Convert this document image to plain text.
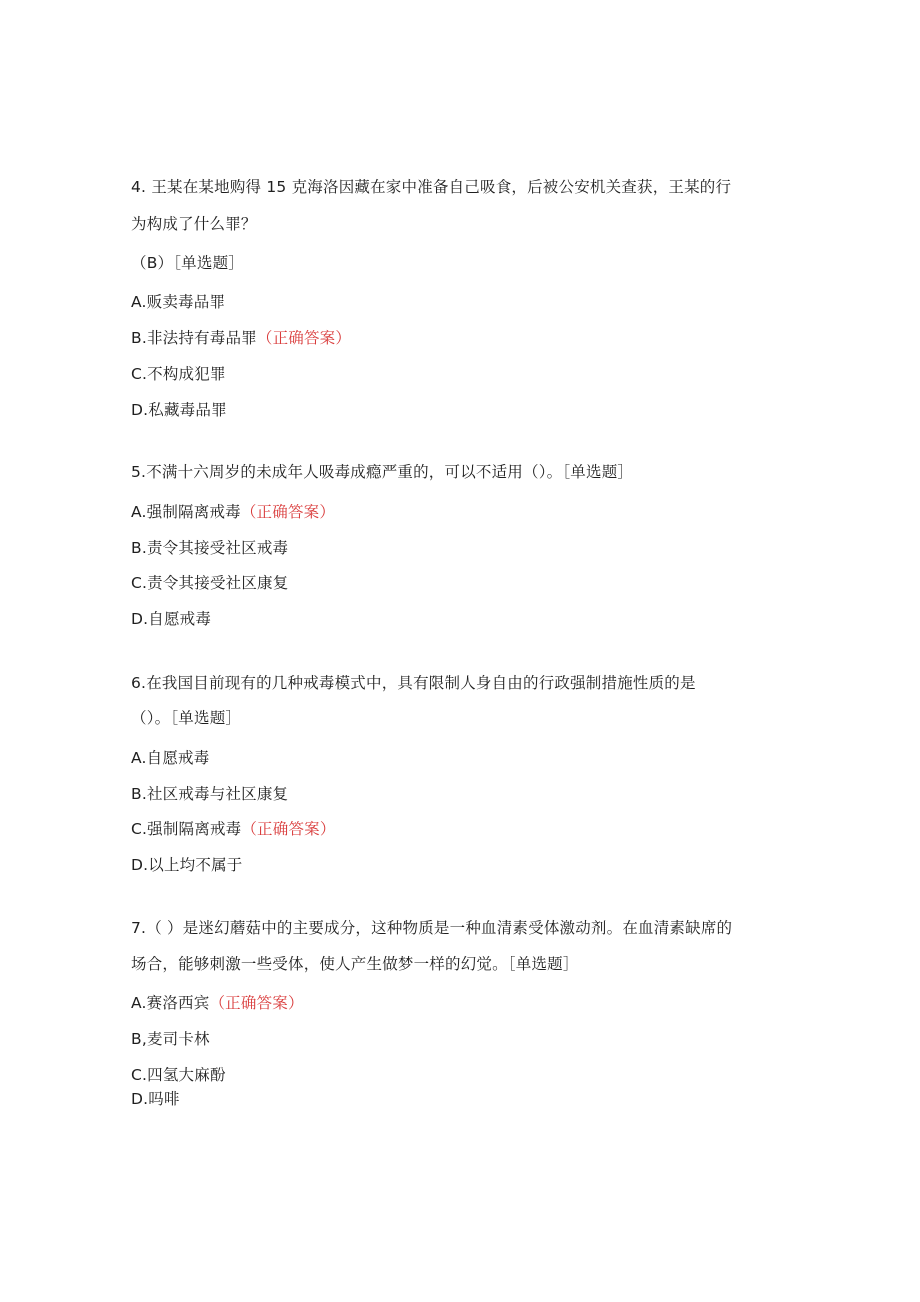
4. 王某在某地购得 15 克海洛因藏在家中准备自己吸食，后被公安机关查获，王某的行
为构成了什么罪？
（B）［单选题］
A.贩卖毒品罪
B.非法持有毒品罪（正确答案）
C.不构成犯罪
D.私藏毒品罪
5.不满十六周岁的未成年人吸毒成瘾严重的，可以不适用（）。［单选题］
A.强制隔离戒毒（正确答案）
B.责令其接受社区戒毒
C.责令其接受社区康复
D.自愿戒毒
6.在我国目前现有的几种戒毒模式中，具有限制人身自由的行政强制措施性质的是
（）。［单选题］
A.自愿戒毒
B.社区戒毒与社区康复
C.强制隔离戒毒（正确答案）
D.以上均不属于
7.（ ）是迷幻蘑菇中的主要成分，这种物质是一种血清素受体激动剂。在血清素缺席的
场合，能够刺激一些受体，使人产生做梦一样的幻觉。［单选题］
A.赛洛西宾（正确答案）
B,麦司卡林
C.四氢大麻酚
D.吗啡
